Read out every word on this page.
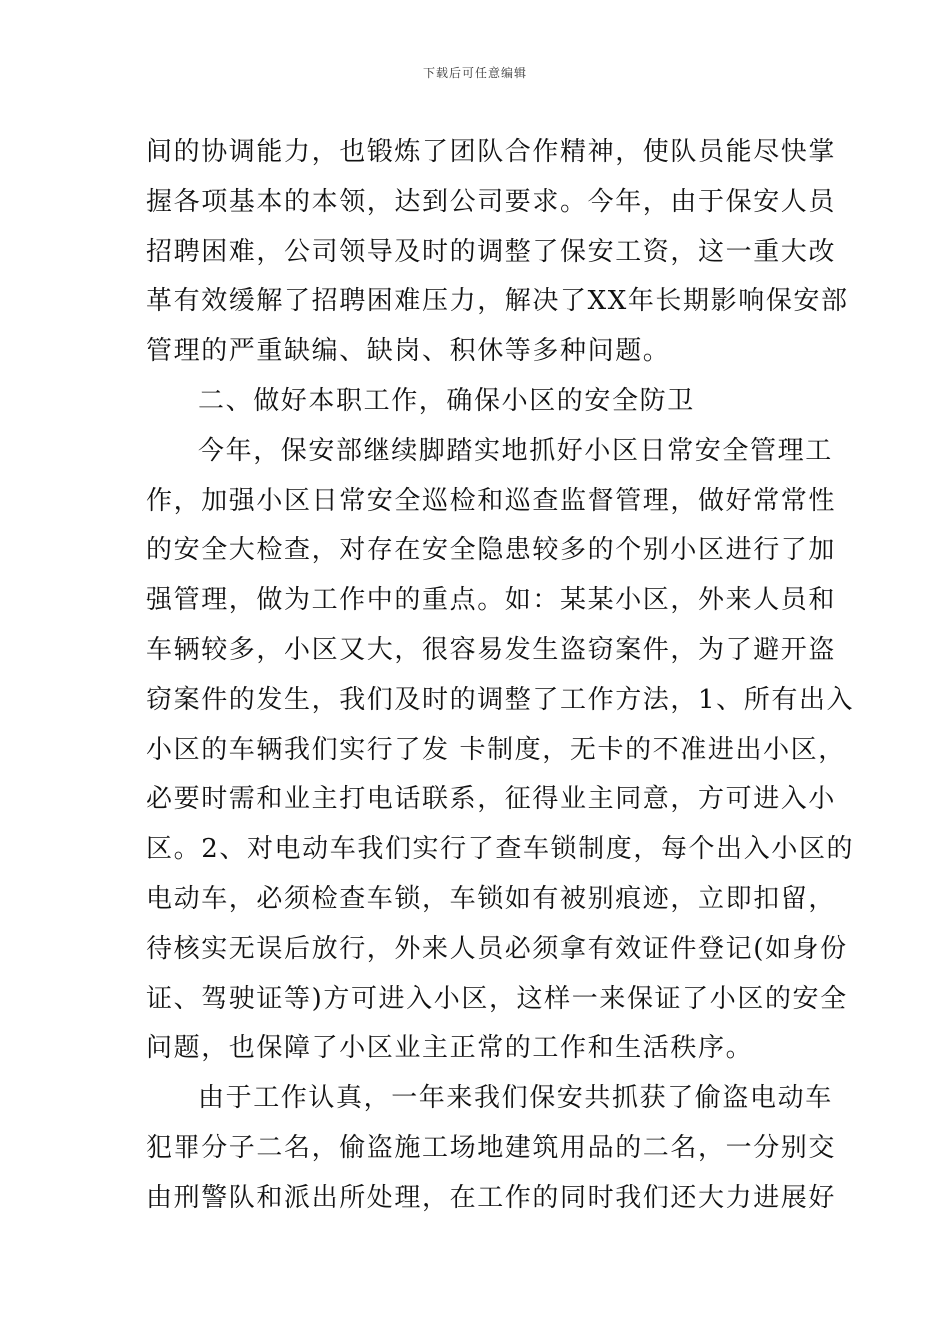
下载后可任意编辑
间的协调能力，也锻炼了团队合作精神，使队员能尽快掌
握各项基本的本领，达到公司要求。今年，由于保安人员
招聘困难，公司领导及时的调整了保安工资，这一重大改
革有效缓解了招聘困难压力，解决了XX年长期影响保安部
管理的严重缺编、缺岗、积休等多种问题。
二、做好本职工作，确保小区的安全防卫
今年，保安部继续脚踏实地抓好小区日常安全管理工
作，加强小区日常安全巡检和巡查监督管理，做好常常性
的安全大检查，对存在安全隐患较多的个别小区进行了加
强管理，做为工作中的重点。如：某某小区，外来人员和
车辆较多，小区又大，很容易发生盗窃案件，为了避开盗
窃案件的发生，我们及时的调整了工作方法，1、所有出入
小区的车辆我们实行了发 卡制度，无卡的不准进出小区，
必要时需和业主打电话联系，征得业主同意，方可进入小
区。2、对电动车我们实行了查车锁制度，每个出入小区的
电动车，必须检查车锁，车锁如有被别痕迹，立即扣留，
待核实无误后放行，外来人员必须拿有效证件登记(如身份
证、驾驶证等)方可进入小区，这样一来保证了小区的安全
问题，也保障了小区业主正常的工作和生活秩序。
由于工作认真，一年来我们保安共抓获了偷盗电动车
犯罪分子二名，偷盗施工场地建筑用品的二名，一分别交
由刑警队和派出所处理，在工作的同时我们还大力进展好
